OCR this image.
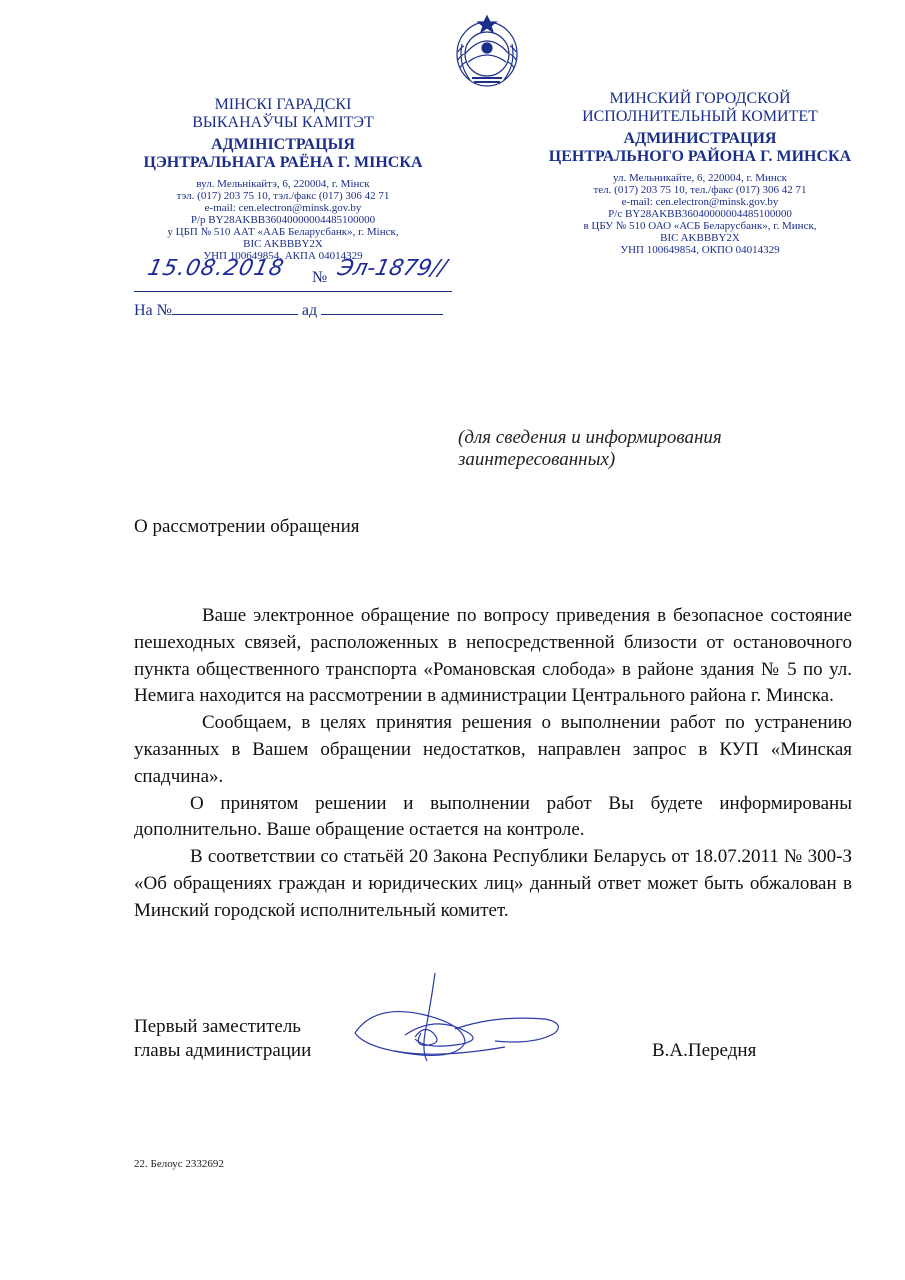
МІНСКІ ГАРАДСКІ
ВЫКАНАЎЧЫ КАМІТЭТ
АДМІНІСТРАЦЫЯ
ЦЭНТРАЛЬНАГА РАЁНА Г. МІНСКА
вул. Мельнікайтэ, 6, 220004, г. Мінск
тэл. (017) 203 75 10, тэл./факс (017) 306 42 71
e-mail: cen.electron@minsk.gov.by
Р/р BY28AKBB36040000004485100000
у ЦБП № 510 ААТ «ААБ Беларусбанк», г. Мінск,
BIC AKBBBY2X
УНП 100649854, АКПА 04014329
МИНСКИЙ ГОРОДСКОЙ
ИСПОЛНИТЕЛЬНЫЙ КОМИТЕТ
АДМИНИСТРАЦИЯ
ЦЕНТРАЛЬНОГО РАЙОНА Г. МИНСКА
ул. Мельникайте, 6, 220004, г. Минск
тел. (017) 203 75 10, тел./факс (017) 306 42 71
e-mail: cen.electron@minsk.gov.by
Р/с BY28AKBB36040000004485100000
в ЦБУ № 510 ОАО «АСБ Беларусбанк», г. Минск,
BIC AKBBBY2X
УНП 100649854, ОКПО 04014329
15.08.2018 № Эл-1879//
На №	ад
(для сведения и информирования
заинтересованных)
О рассмотрении обращения

Ваше электронное обращение по вопросу приведения в безопасное состояние пешеходных связей, расположенных в непосредственной близости от остановочного пункта общественного транспорта «Романовская слобода» в районе здания № 5 по ул. Немига находится на рассмотрении в администрации Центрального района г. Минска.

Сообщаем, в целях принятия решения о выполнении работ по устранению указанных в Вашем обращении недостатков, направлен запрос в КУП «Минская спадчина».

О принятом решении и выполнении работ Вы будете информированы дополнительно. Ваше обращение остается на контроле.

В соответствии со статьёй 20 Закона Республики Беларусь от 18.07.2011 № 300-З «Об обращениях граждан и юридических лиц» данный ответ может быть обжалован в Минский городской исполнительный комитет.

Первый заместитель
главы администрации	В.А.Передня
22. Белоус 2332692
